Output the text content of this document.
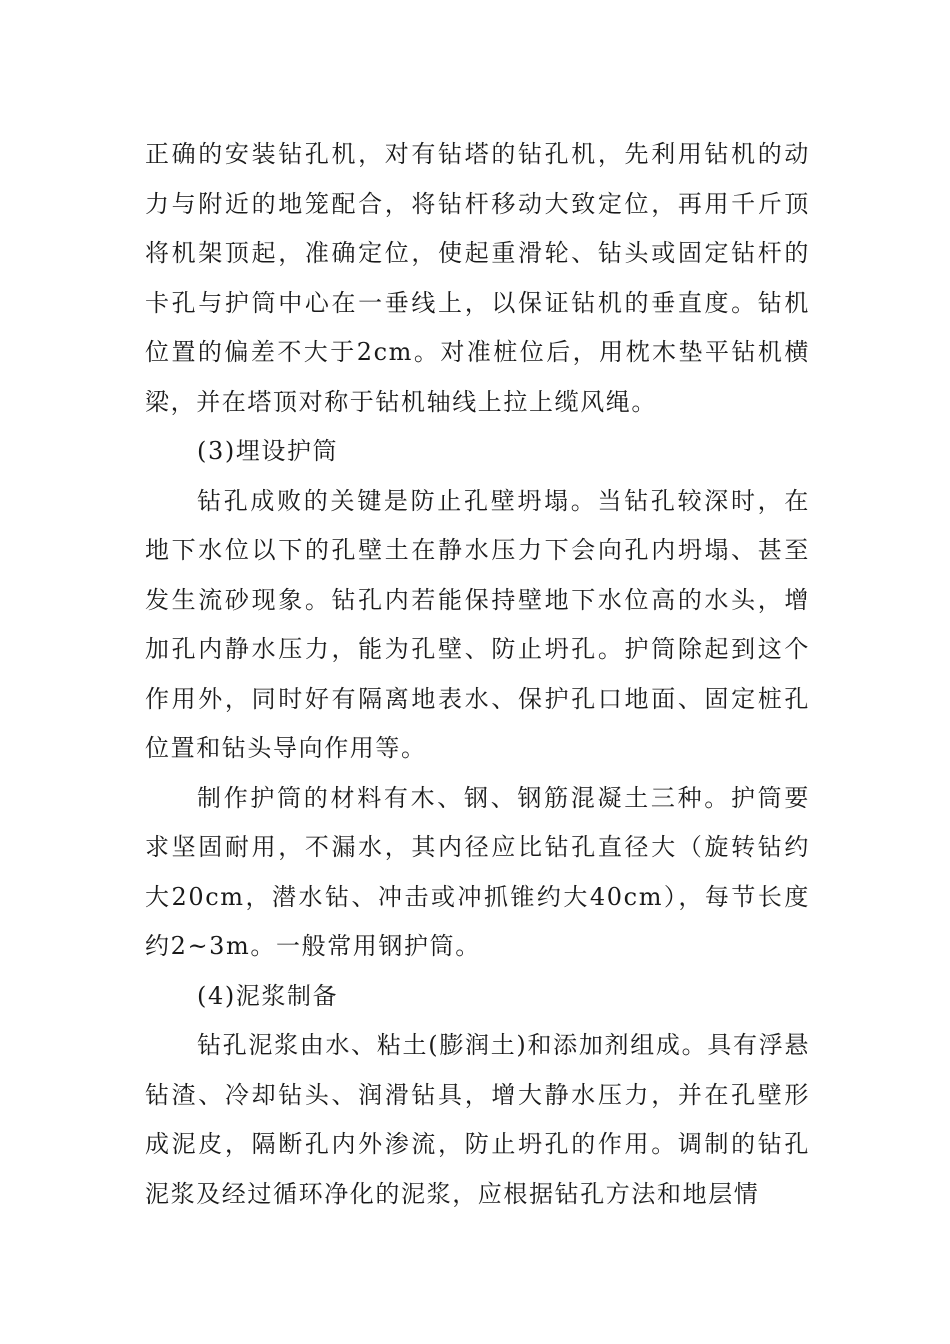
正确的安装钻孔机，对有钻塔的钻孔机，先利用钻机的动力与附近的地笼配合，将钻杆移动大致定位，再用千斤顶将机架顶起，准确定位，使起重滑轮、钻头或固定钻杆的卡孔与护筒中心在一垂线上，以保证钻机的垂直度。钻机位置的偏差不大于2cm。对准桩位后，用枕木垫平钻机横梁，并在塔顶对称于钻机轴线上拉上缆风绳。

(3)埋设护筒

钻孔成败的关键是防止孔壁坍塌。当钻孔较深时，在地下水位以下的孔壁土在静水压力下会向孔内坍塌、甚至发生流砂现象。钻孔内若能保持壁地下水位高的水头，增加孔内静水压力，能为孔壁、防止坍孔。护筒除起到这个作用外，同时好有隔离地表水、保护孔口地面、固定桩孔位置和钻头导向作用等。

制作护筒的材料有木、钢、钢筋混凝土三种。护筒要求坚固耐用，不漏水，其内径应比钻孔直径大（旋转钻约大20cm，潜水钻、冲击或冲抓锥约大40cm），每节长度约2~3m。一般常用钢护筒。

(4)泥浆制备

钻孔泥浆由水、粘土(膨润土)和添加剂组成。具有浮悬钻渣、冷却钻头、润滑钻具，增大静水压力，并在孔壁形成泥皮，隔断孔内外渗流，防止坍孔的作用。调制的钻孔泥浆及经过循环净化的泥浆，应根据钻孔方法和地层情
